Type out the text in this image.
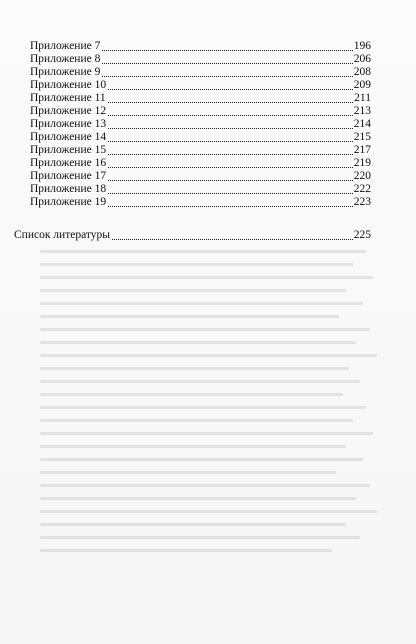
Приложение 7	196
Приложение 8	206
Приложение 9	208
Приложение 10	209
Приложение 11	211
Приложение 12	213
Приложение 13	214
Приложение 14	215
Приложение 15	217
Приложение 16	219
Приложение 17	220
Приложение 18	222
Приложение 19	223
Список литературы	225
